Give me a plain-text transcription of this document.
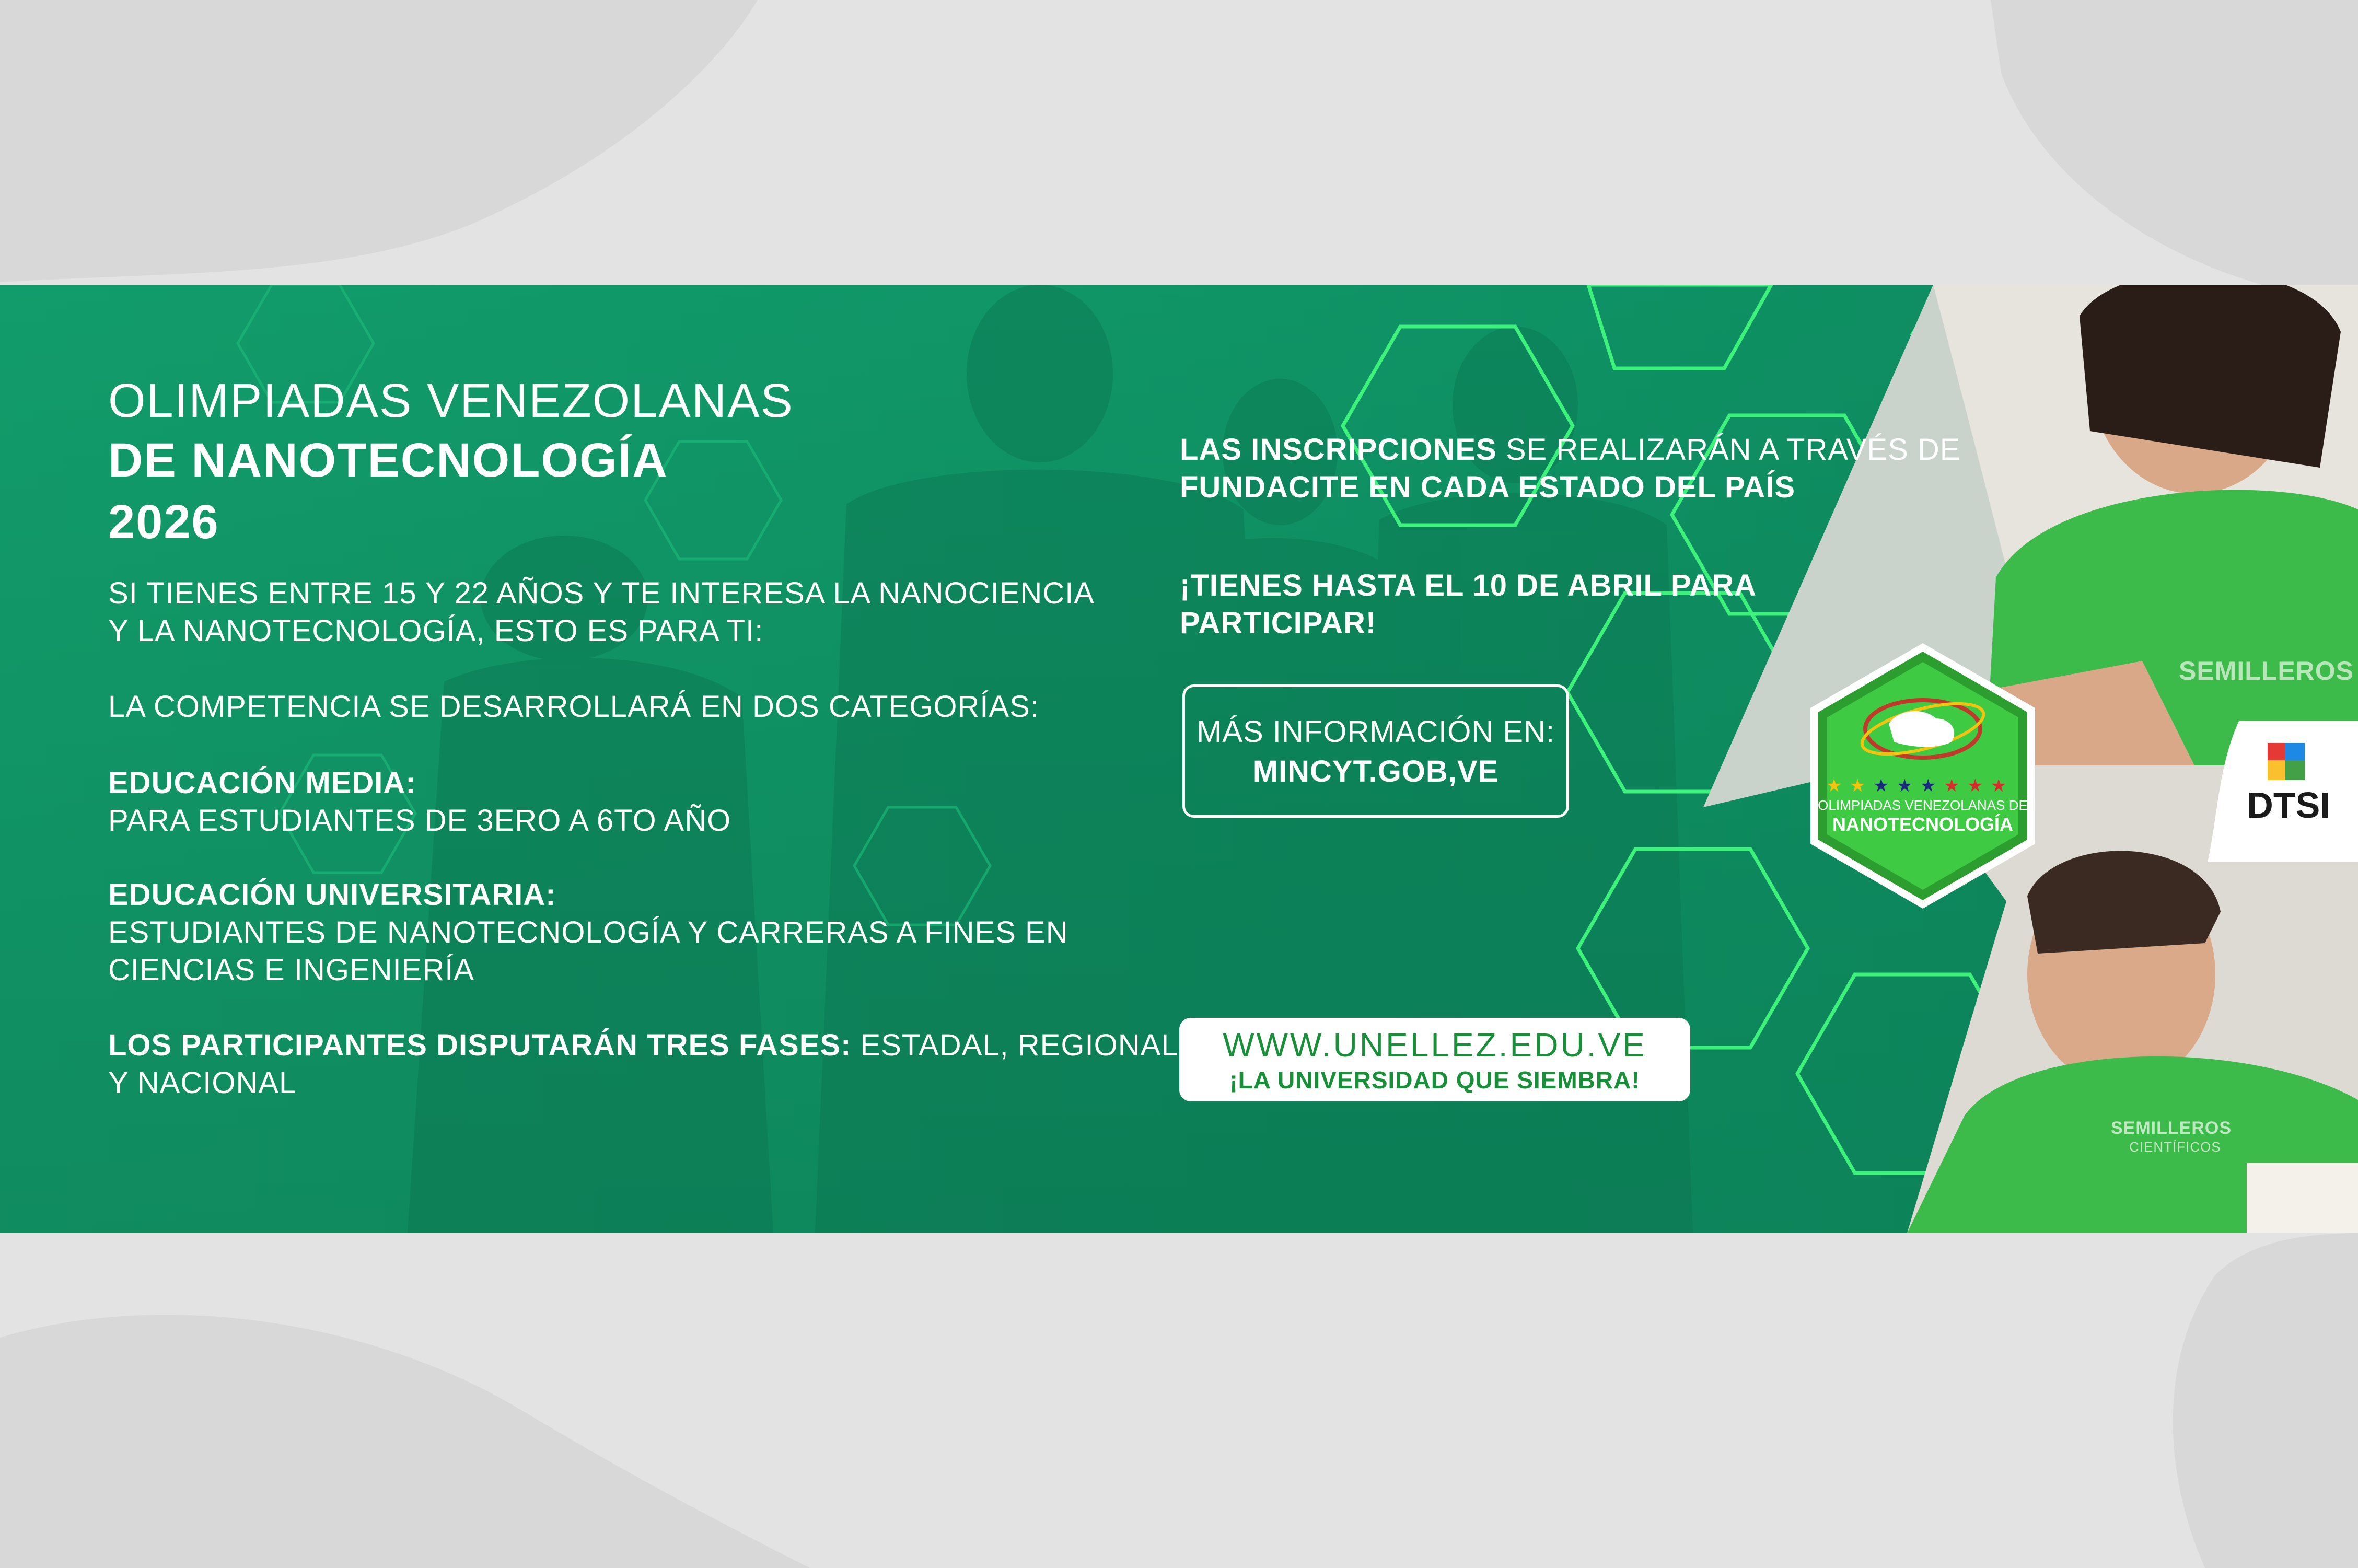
OLIMPIADAS VENEZOLANAS

DE NANOTECNOLOGÍA

2026

SI TIENES ENTRE 15 Y 22 AÑOS Y TE INTERESA LA NANOCIENCIA

Y LA NANOTECNOLOGÍA, ESTO ES PARA TI:

LA COMPETENCIA SE DESARROLLARÁ EN DOS CATEGORÍAS:

EDUCACIÓN MEDIA:

PARA ESTUDIANTES DE 3ERO A 6TO AÑO

EDUCACIÓN UNIVERSITARIA:

ESTUDIANTES DE NANOTECNOLOGÍA Y CARRERAS A FINES EN

CIENCIAS E INGENIERÍA

LOS PARTICIPANTES DISPUTARÁN TRES FASES: ESTADAL, REGIONAL

Y NACIONAL

LAS INSCRIPCIONES SE REALIZARÁN A TRAVÉS DE

FUNDACITE EN CADA ESTADO DEL PAÍS

¡TIENES HASTA EL 10 DE ABRIL PARA

PARTICIPAR!

MÁS INFORMACIÓN EN:

MINCYT.GOB,VE

WWW.UNELLEZ.EDU.VE

¡LA UNIVERSIDAD QUE SIEMBRA!

★ ★ ★ ★ ★ ★ ★ ★
OLIMPIADAS VENEZOLANAS DE
NANOTECNOLOGÍA	DTSI

SEMILLEROS

SEMILLEROS

CIENTÍFICOS
